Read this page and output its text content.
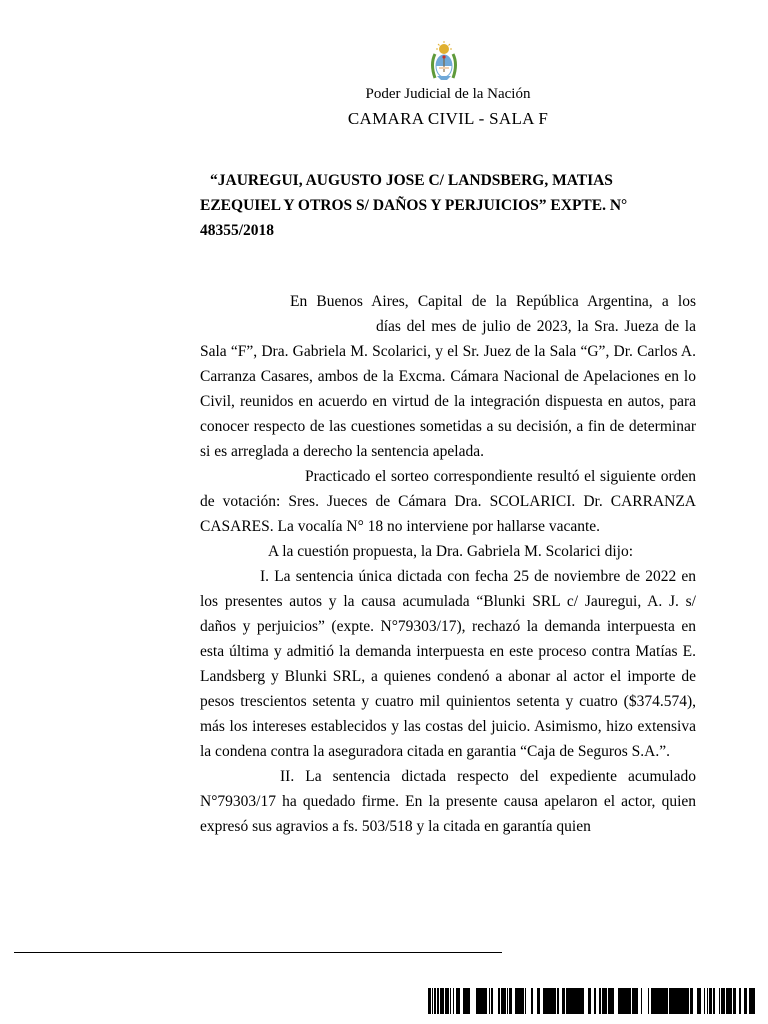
Poder Judicial de la Nación
CAMARA CIVIL - SALA F
“JAUREGUI, AUGUSTO JOSE C/ LANDSBERG, MATIAS
EZEQUIEL Y OTROS S/ DAÑOS Y PERJUICIOS” EXPTE. N°
48355/2018

En Buenos Aires, Capital de la República Argentina, a losdías del mes de julio de 2023, la Sra. Jueza de la Sala “F”, Dra. Gabriela M. Scolarici, y el Sr. Juez de la Sala “G”, Dr. Carlos A. Carranza Casares, ambos de la Excma. Cámara Nacional de Apelaciones en lo Civil, reunidos en acuerdo en virtud de la integración dispuesta en autos, para conocer respecto de las cuestiones sometidas a su decisión, a fin de determinar si es arreglada a derecho la sentencia apelada.

Practicado el sorteo correspondiente resultó el siguiente orden de votación: Sres. Jueces de Cámara Dra. SCOLARICI. Dr. CARRANZA CASARES. La vocalía N° 18 no interviene por hallarse vacante.

A la cuestión propuesta, la Dra. Gabriela M. Scolarici dijo:

I. La sentencia única dictada con fecha 25 de noviembre de 2022 en los presentes autos y la causa acumulada “Blunki SRL c/ Jauregui, A. J. s/ daños y perjuicios” (expte. N°79303/17), rechazó la demanda interpuesta en esta última y admitió la demanda interpuesta en este proceso contra Matías E. Landsberg y Blunki SRL, a quienes condenó a abonar al actor el importe de pesos trescientos setenta y cuatro mil quinientos setenta y cuatro ($374.574), más los intereses establecidos y las costas del juicio. Asimismo, hizo extensiva la condena contra la aseguradora citada en garantia “Caja de Seguros S.A.”.

II. La sentencia dictada respecto del expediente acumulado N°79303/17 ha quedado firme. En la presente causa apelaron el actor, quien expresó sus agravios a fs. 503/518 y la citada en garantía quien
